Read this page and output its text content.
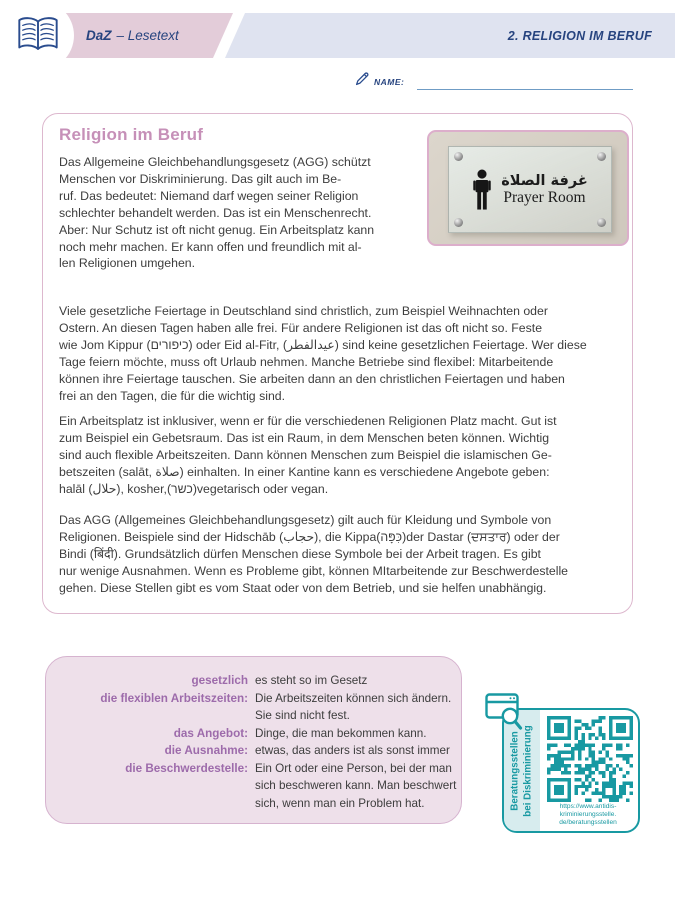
DaZ – Lesetext	2. RELIGION IM BERUF
NAME:
Religion im Beruf
Das Allgemeine Gleichbehandlungsgesetz (AGG) schützt
Menschen vor Diskriminierung. Das gilt auch im Be-
ruf. Das bedeutet: Niemand darf wegen seiner Religion
schlechter behandelt werden. Das ist ein Menschenrecht.
Aber: Nur Schutz ist oft nicht genug. Ein Arbeitsplatz kann
noch mehr machen. Er kann offen und freundlich mit al-
len Religionen umgehen.
Viele gesetzliche Feiertage in Deutschland sind christlich, zum Beispiel Weihnachten oder
Ostern. An diesen Tagen haben alle frei. Für andere Religionen ist das oft nicht so. Feste
wie Jom Kippur (כיפורים) oder Eid al-Fitr, (عيدالفطر) sind keine gesetzlichen Feiertage. Wer diese
Tage feiern möchte, muss oft Urlaub nehmen. Manche Betriebe sind flexibel: Mitarbeitende
können ihre Feiertage tauschen. Sie arbeiten dann an den christlichen Feiertagen und haben
frei an den Tagen, die für die wichtig sind.
Ein Arbeitsplatz ist inklusiver, wenn er für die verschiedenen Religionen Platz macht. Gut ist
zum Beispiel ein Gebetsraum. Das ist ein Raum, in dem Menschen beten können. Wichtig
sind auch flexible Arbeitszeiten. Dann können Menschen zum Beispiel die islamischen Ge-
betszeiten (salāt, صلاة) einhalten. In einer Kantine kann es verschiedene Angebote geben:
halāl (حلال), kosher,(כשר)vegetarisch oder vegan.
Das AGG (Allgemeines Gleichbehandlungsgesetz) gilt auch für Kleidung und Symbole von
Religionen. Beispiele sind der Hidschāb (حجاب), die Kippa(כִּפָּה)der Dastar (ਦਸਤਾਰ) oder der
Bindi (बिंदी). Grundsätzlich dürfen Menschen diese Symbole bei der Arbeit tragen. Es gibt
nur wenige Ausnahmen. Wenn es Probleme gibt, können MItarbeitende zur Beschwerdestelle
gehen. Diese Stellen gibt es vom Staat oder von dem Betrieb, und sie helfen unabhängig.
غرفة الصلاة
Prayer Room
gesetzlich es steht so im Gesetz
die flexiblen Arbeitszeiten: Die Arbeitszeiten können sich ändern.
Sie sind nicht fest.
das Angebot: Dinge, die man bekommen kann.
die Ausnahme: etwas, das anders ist als sonst immer
die Beschwerdestelle: Ein Ort oder eine Person, bei der man
sich beschweren kann. Man beschwert
sich, wenn man ein Problem hat.	Beratungsstellen bei Diskriminierung	https://www.antidis-
kriminierungsstelle.
de/beratungsstellen
